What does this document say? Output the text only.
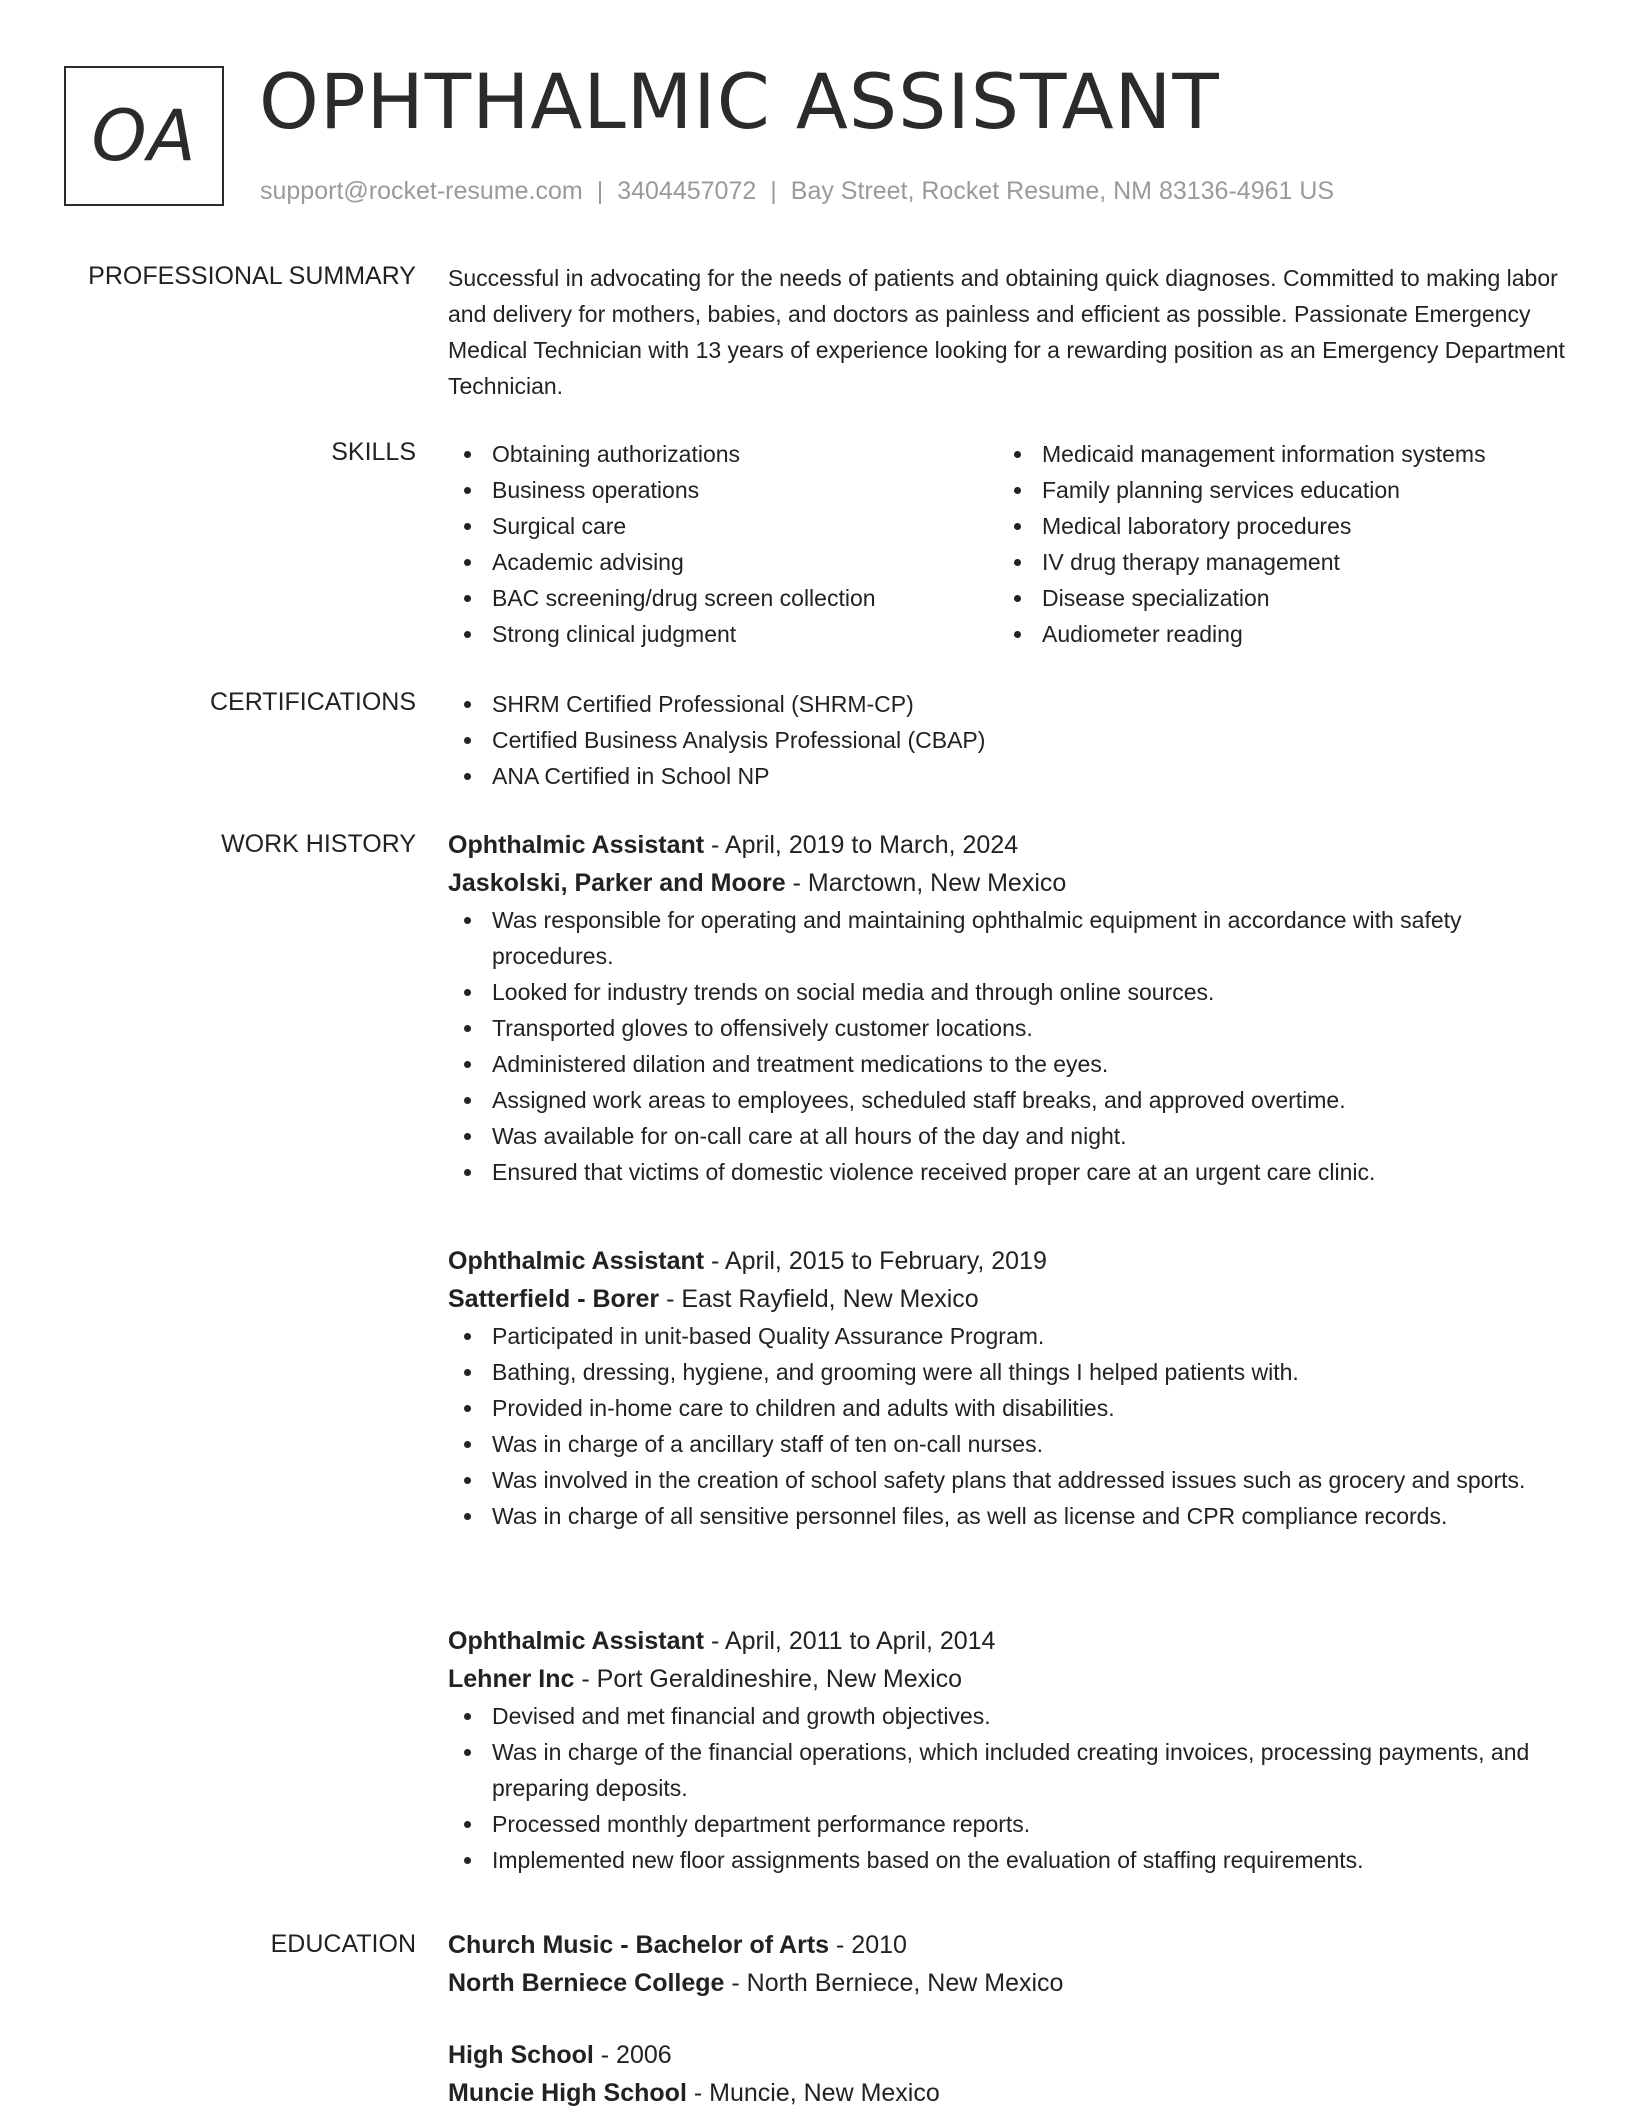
OA OPHTHALMIC ASSISTANT
support@rocket-resume.com | 3404457072 | Bay Street, Rocket Resume, NM 83136-4961 US
PROFESSIONAL SUMMARY Successful in advocating for the needs of patients and obtaining quick diagnoses. Committed to making labor and delivery for mothers, babies, and doctors as painless and efficient as possible. Passionate Emergency Medical Technician with 13 years of experience looking for a rewarding position as an Emergency Department Technician.

SKILLS	Obtaining authorizations
Business operations
Surgical care
Academic advising
BAC screening/drug screen collection
Strong clinical judgment
Medicaid management information systems
Family planning services education
Medical laboratory procedures
IV drug therapy management
Disease specialization
Audiometer reading
CERTIFICATIONS	SHRM Certified Professional (SHRM-CP)
Certified Business Analysis Professional (CBAP)
ANA Certified in School NP
WORK HISTORY Ophthalmic Assistant - April, 2019 to March, 2024
Jaskolski, Parker and Moore - Marctown, New Mexico
Was responsible for operating and maintaining ophthalmic equipment in accordance with safety procedures.
Looked for industry trends on social media and through online sources.
Transported gloves to offensively customer locations.
Administered dilation and treatment medications to the eyes.
Assigned work areas to employees, scheduled staff breaks, and approved overtime.
Was available for on-call care at all hours of the day and night.
Ensured that victims of domestic violence received proper care at an urgent care clinic.
Ophthalmic Assistant - April, 2015 to February, 2019
Satterfield - Borer - East Rayfield, New Mexico
Participated in unit-based Quality Assurance Program.
Bathing, dressing, hygiene, and grooming were all things I helped patients with.
Provided in-home care to children and adults with disabilities.
Was in charge of a ancillary staff of ten on-call nurses.
Was involved in the creation of school safety plans that addressed issues such as grocery and sports.
Was in charge of all sensitive personnel files, as well as license and CPR compliance records.
Ophthalmic Assistant - April, 2011 to April, 2014
Lehner Inc - Port Geraldineshire, New Mexico
Devised and met financial and growth objectives.
Was in charge of the financial operations, which included creating invoices, processing payments, and preparing deposits.
Processed monthly department performance reports.
Implemented new floor assignments based on the evaluation of staffing requirements.
EDUCATION Church Music - Bachelor of Arts - 2010
North Berniece College - North Berniece, New Mexico
High School - 2006
Muncie High School - Muncie, New Mexico
